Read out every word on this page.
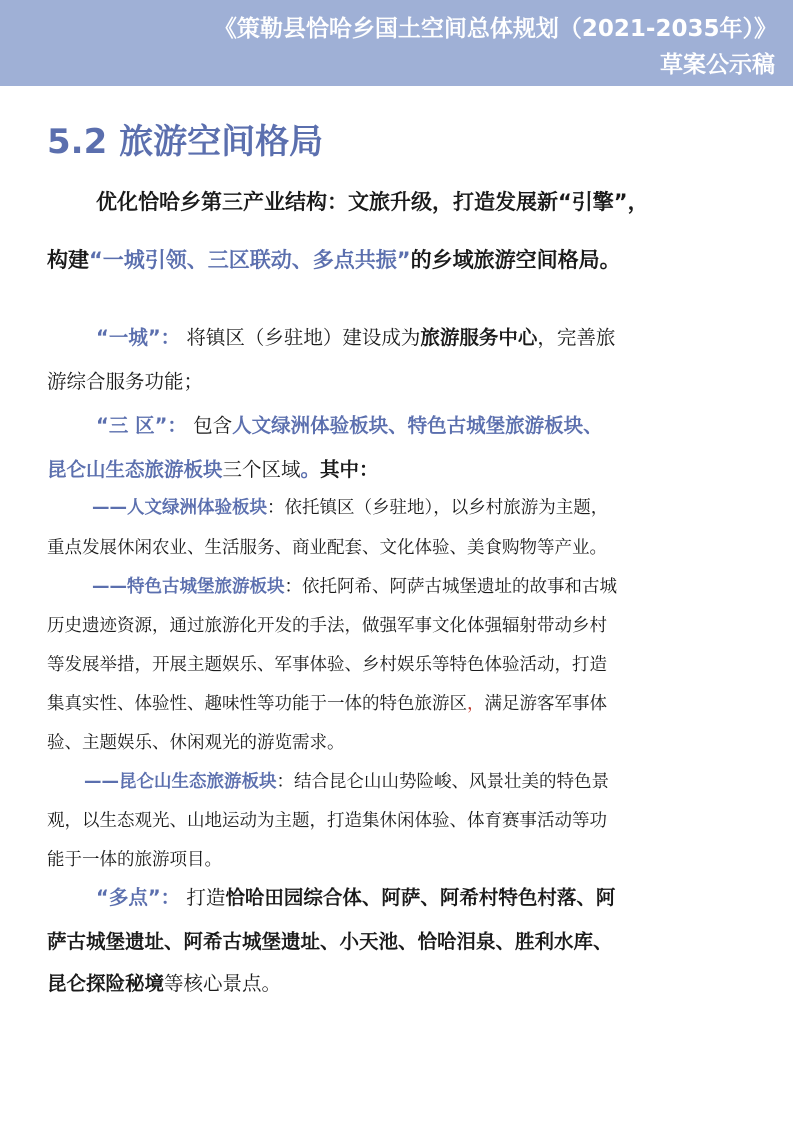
《策勒县恰哈乡国土空间总体规划（2021-2035年）》
草案公示稿
5.2 旅游空间格局
优化恰哈乡第三产业结构：文旅升级，打造发展新“引擎”，
构建“一城引领、三区联动、多点共振”的乡域旅游空间格局。
“一城”： 将镇区（乡驻地）建设成为旅游服务中心，完善旅
游综合服务功能；
“三 区”： 包含人文绿洲体验板块、特色古城堡旅游板块、
昆仑山生态旅游板块三个区域。其中：
——人文绿洲体验板块：依托镇区（乡驻地），以乡村旅游为主题，
重点发展休闲农业、生活服务、商业配套、文化体验、美食购物等产业。
——特色古城堡旅游板块：依托阿希、阿萨古城堡遗址的故事和古城
历史遗迹资源，通过旅游化开发的手法，做强军事文化体强辐射带动乡村
等发展举措，开展主题娱乐、军事体验、乡村娱乐等特色体验活动，打造
集真实性、体验性、趣味性等功能于一体的特色旅游区，满足游客军事体
验、主题娱乐、休闲观光的游览需求。
——昆仑山生态旅游板块：结合昆仑山山势险峻、风景壮美的特色景
观，以生态观光、山地运动为主题，打造集休闲体验、体育赛事活动等功
能于一体的旅游项目。
“多点”： 打造恰哈田园综合体、阿萨、阿希村特色村落、阿
萨古城堡遗址、阿希古城堡遗址、小天池、恰哈泪泉、胜利水库、
昆仑探险秘境等核心景点。
